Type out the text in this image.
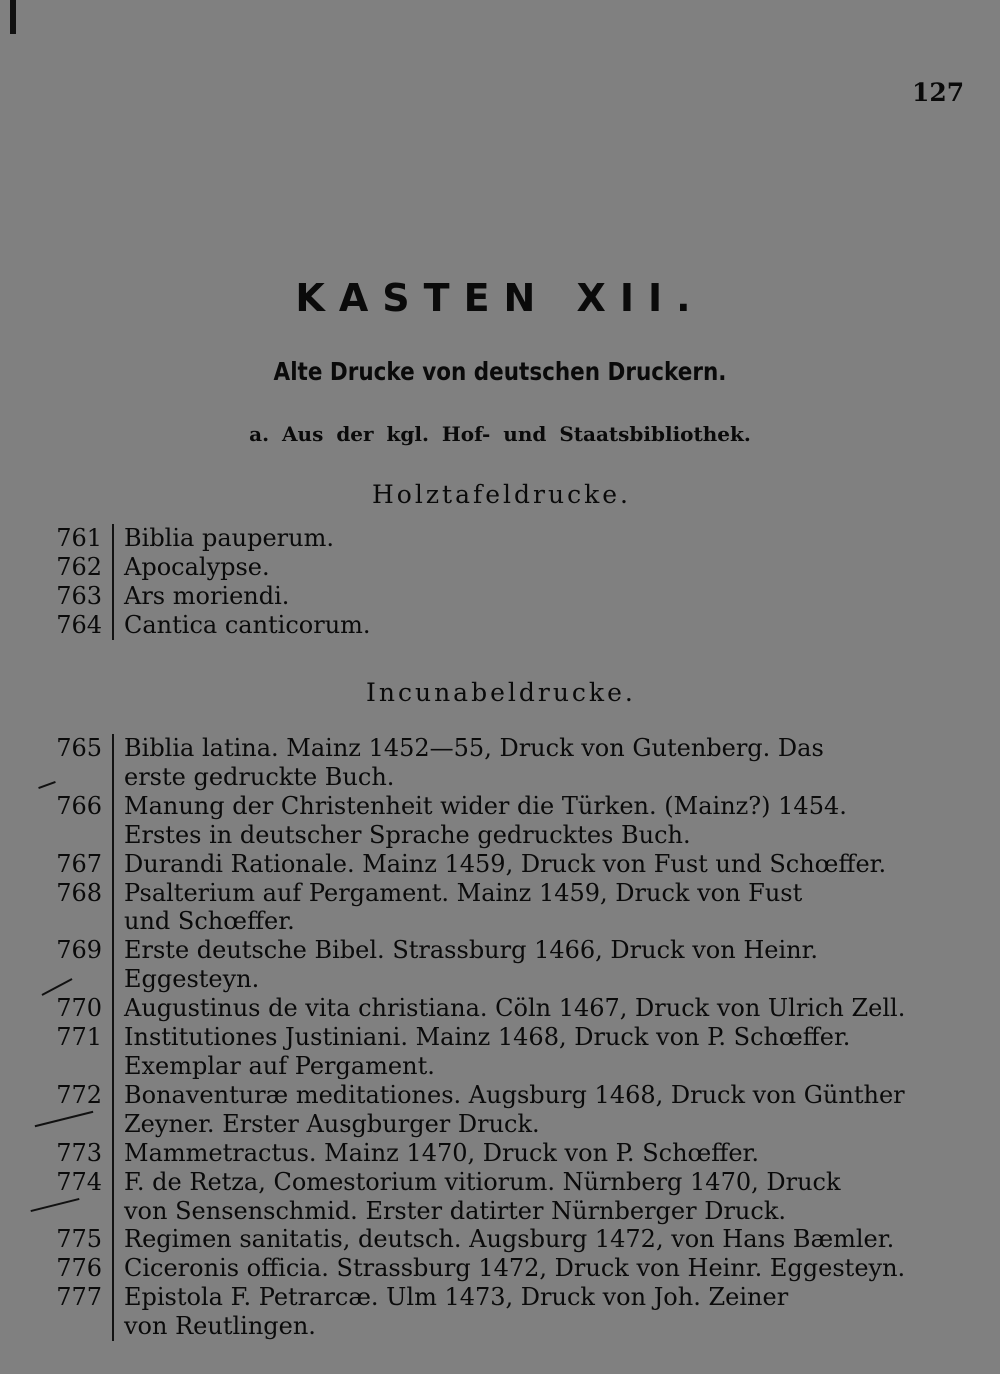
127
KASTEN XII.
Alte Drucke von deutschen Druckern.
a. Aus der kgl. Hof- und Staatsbibliothek.
Holztafeldrucke.
761 Biblia pauperum.
762 Apocalypse.
763 Ars moriendi.
764 Cantica canticorum.
Incunabeldrucke.
765 Biblia latina. Mainz 1452—55, Druck von Gutenberg. Das
erste gedruckte Buch.
766 Manung der Christenheit wider die Türken. (Mainz?) 1454.
Erstes in deutscher Sprache gedrucktes Buch.
767 Durandi Rationale. Mainz 1459, Druck von Fust und Schœffer.
768 Psalterium auf Pergament. Mainz 1459, Druck von Fust
und Schœffer.
769 Erste deutsche Bibel. Strassburg 1466, Druck von Heinr.
Eggesteyn.
770 Augustinus de vita christiana. Cöln 1467, Druck von Ulrich Zell.
771 Institutiones Justiniani. Mainz 1468, Druck von P. Schœffer.
Exemplar auf Pergament.
772 Bonaventuræ meditationes. Augsburg 1468, Druck von Günther
Zeyner. Erster Ausgburger Druck.
773 Mammetractus. Mainz 1470, Druck von P. Schœffer.
774 F. de Retza, Comestorium vitiorum. Nürnberg 1470, Druck
von Sensenschmid. Erster datirter Nürnberger Druck.
775 Regimen sanitatis, deutsch. Augsburg 1472, von Hans Bæmler.
776 Ciceronis officia. Strassburg 1472, Druck von Heinr. Eggesteyn.
777 Epistola F. Petrarcæ. Ulm 1473, Druck von Joh. Zeiner
von Reutlingen.
